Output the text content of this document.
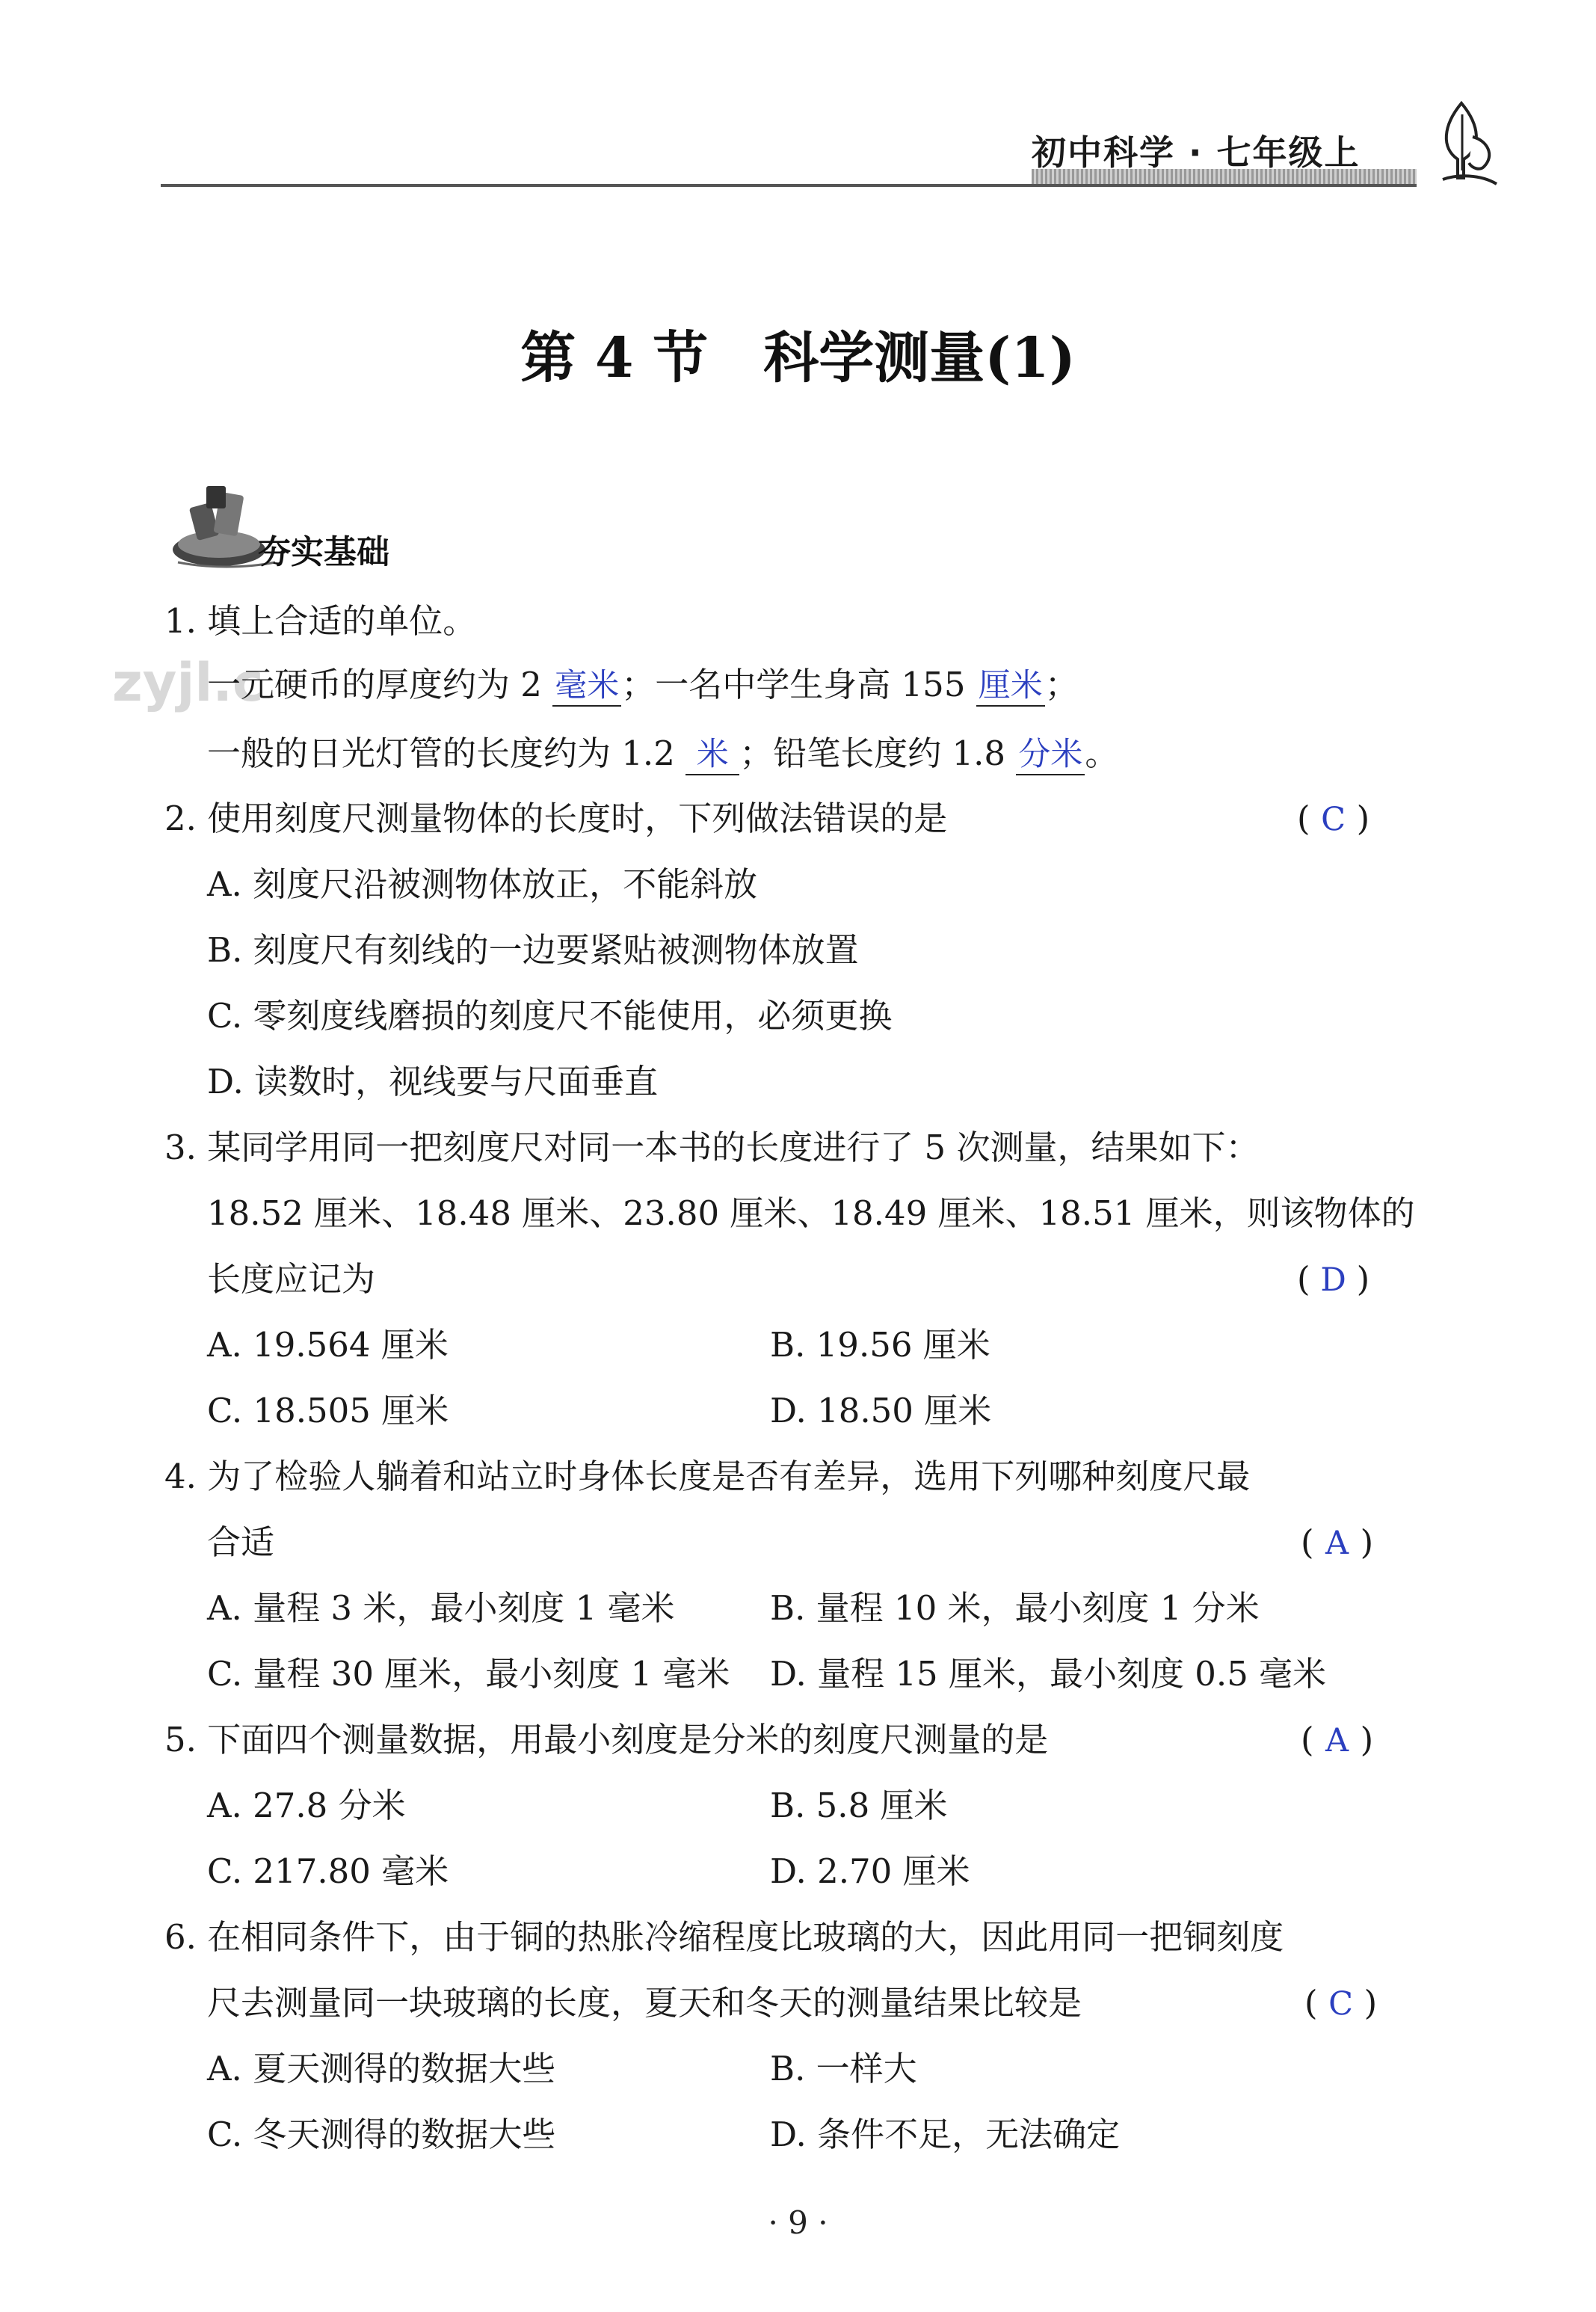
初中科学 · 七年级上
第 4 节　科学测量(1)
夯实基础
zyjl.c
1. 填上合适的单位。
一元硬币的厚度约为 2 毫米；一名中学生身高 155 厘米；
一般的日光灯管的长度约为 1.2 米 ；铅笔长度约 1.8 分米。
2. 使用刻度尺测量物体的长度时，下列做法错误的是	( C )
A. 刻度尺沿被测物体放正，不能斜放
B. 刻度尺有刻线的一边要紧贴被测物体放置
C. 零刻度线磨损的刻度尺不能使用，必须更换
D. 读数时，视线要与尺面垂直
3. 某同学用同一把刻度尺对同一本书的长度进行了 5 次测量，结果如下：
18.52 厘米、18.48 厘米、23.80 厘米、18.49 厘米、18.51 厘米，则该物体的
长度应记为	( D )
A. 19.564 厘米	B. 19.56 厘米
C. 18.505 厘米	D. 18.50 厘米
4. 为了检验人躺着和站立时身体长度是否有差异，选用下列哪种刻度尺最
合适	( A )
A. 量程 3 米，最小刻度 1 毫米	B. 量程 10 米，最小刻度 1 分米
C. 量程 30 厘米，最小刻度 1 毫米 D. 量程 15 厘米，最小刻度 0.5 毫米
5. 下面四个测量数据，用最小刻度是分米的刻度尺测量的是	( A )
A. 27.8 分米	B. 5.8 厘米
C. 217.80 毫米	D. 2.70 厘米
6. 在相同条件下，由于铜的热胀冷缩程度比玻璃的大，因此用同一把铜刻度
尺去测量同一块玻璃的长度，夏天和冬天的测量结果比较是	( C )
A. 夏天测得的数据大些	B. 一样大
C. 冬天测得的数据大些	D. 条件不足，无法确定
· 9 ·
